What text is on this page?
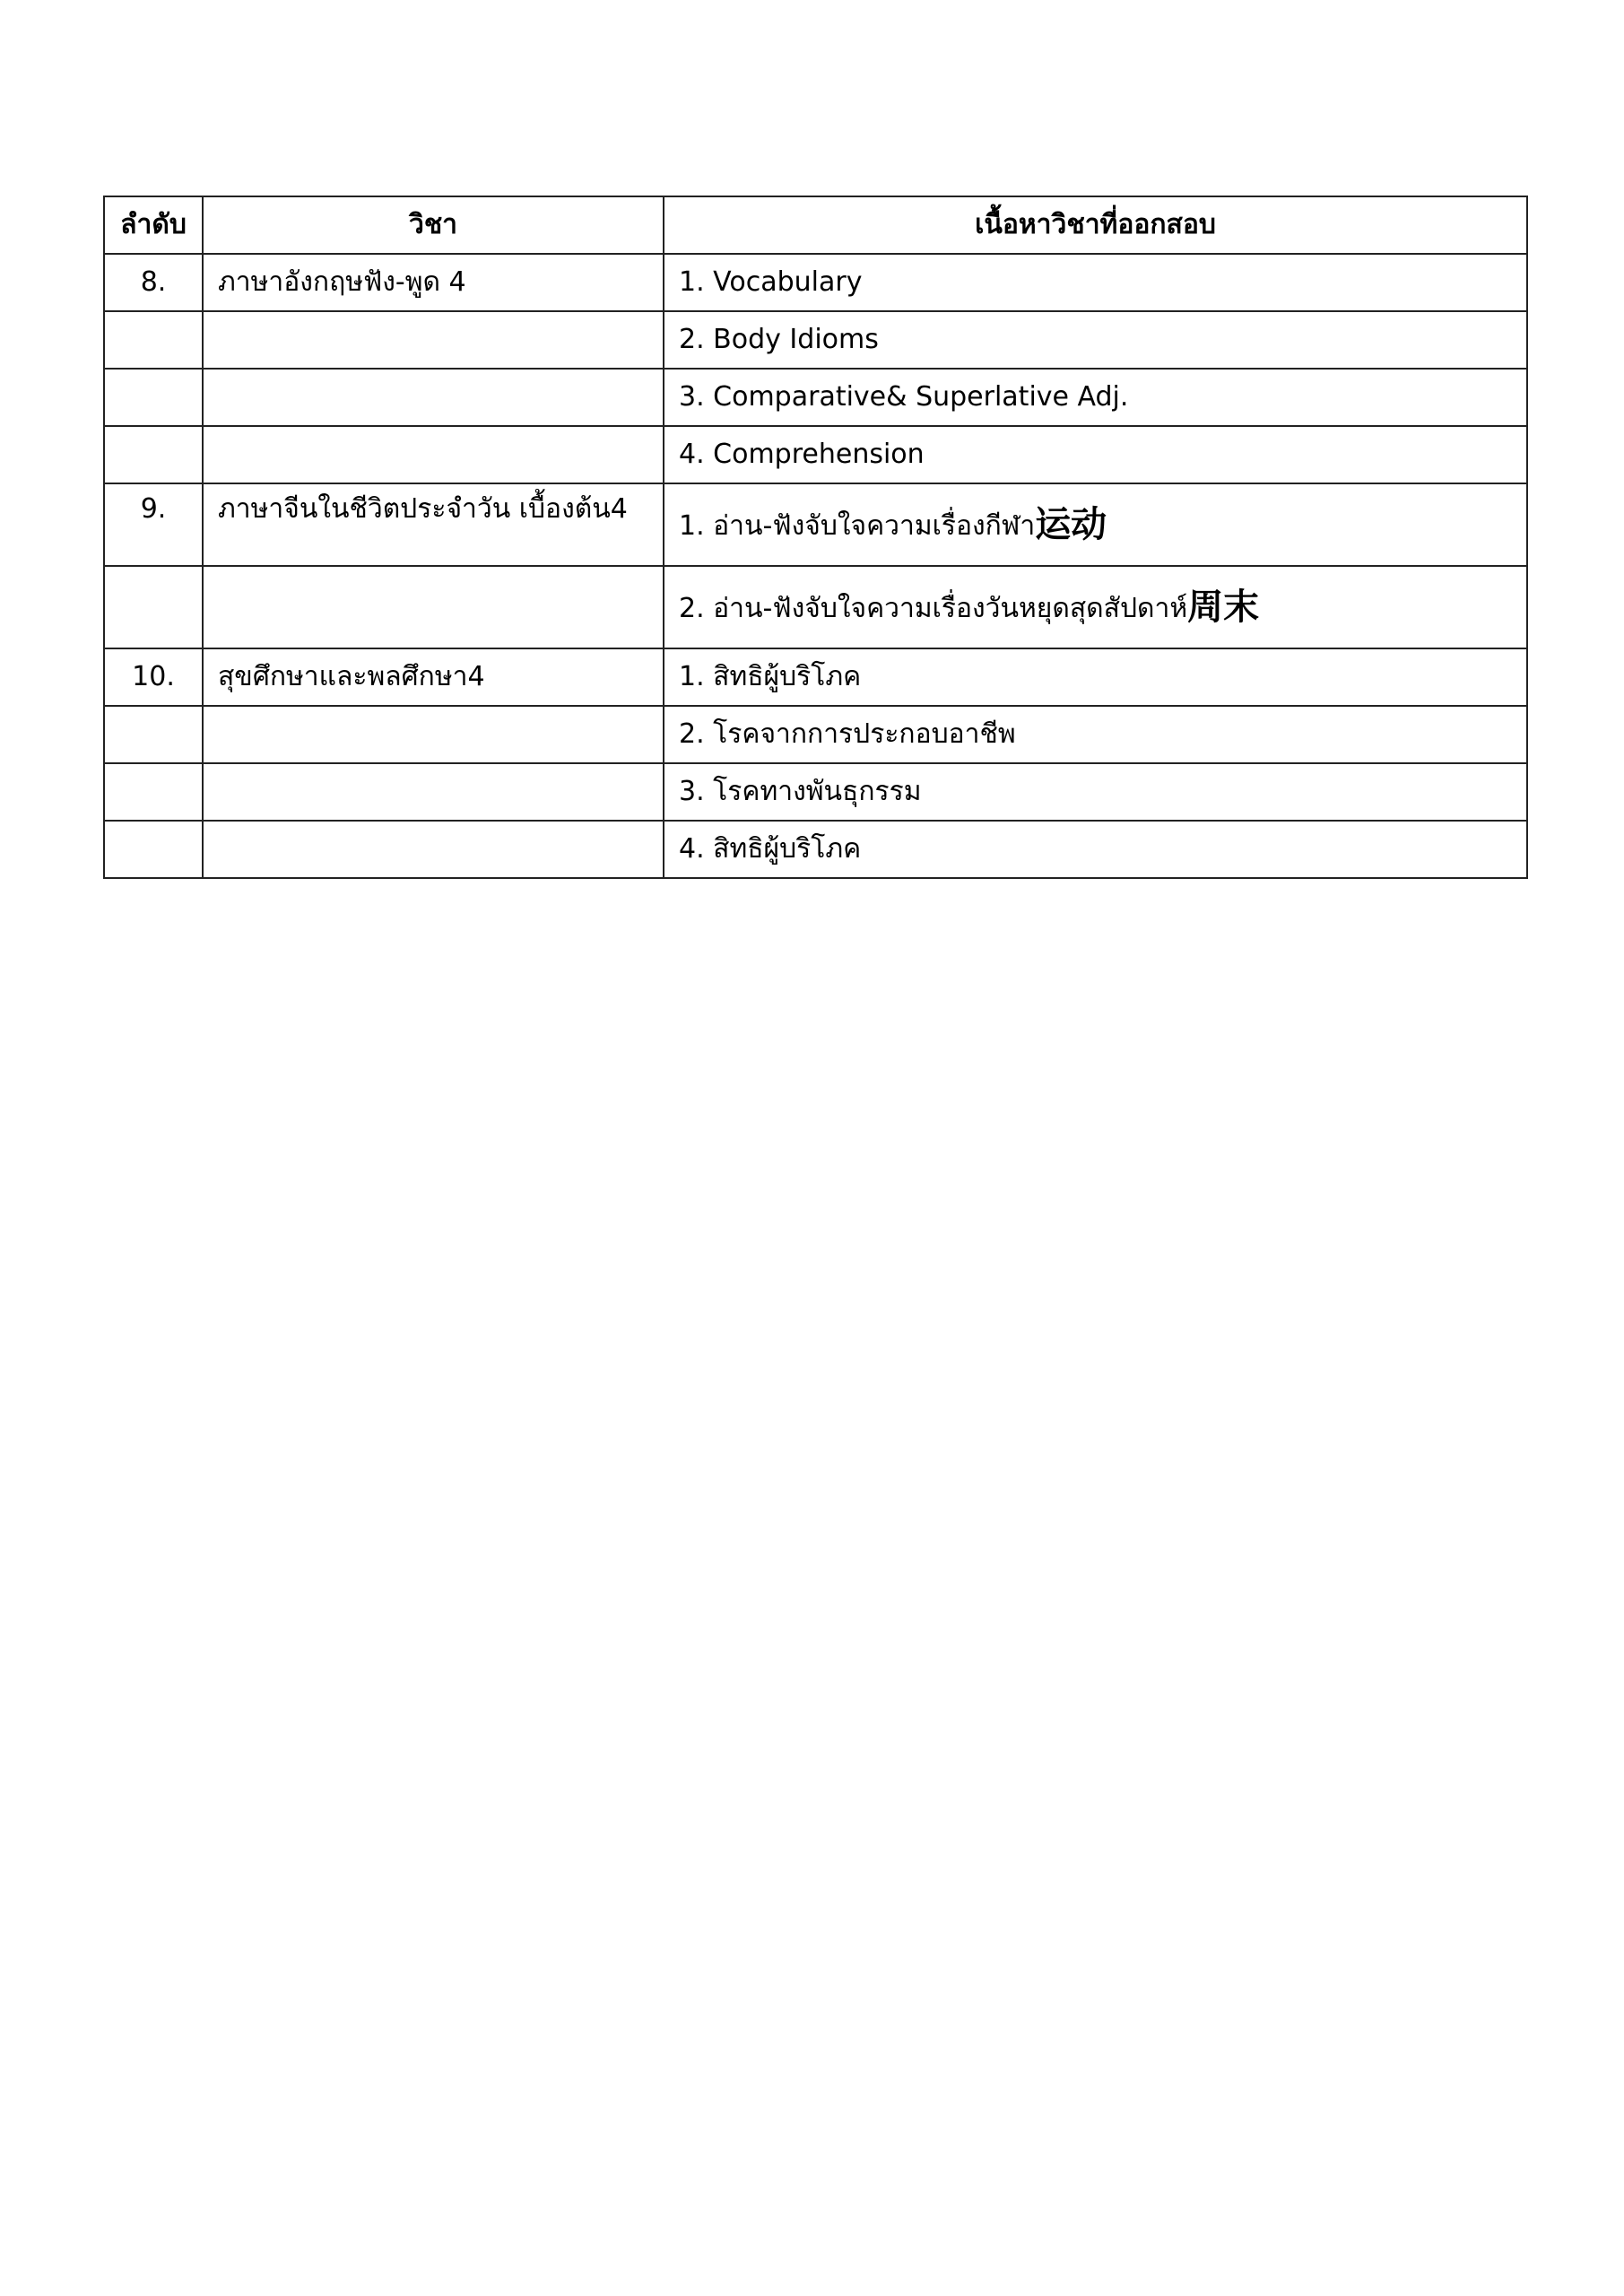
ลำดับ	วิชา	เนื้อหาวิชาที่ออกสอบ
8.	ภาษาอังกฤษฟัง-พูด 4	1. Vocabulary
		2. Body Idioms
		3. Comparative& Superlative Adj.
		4. Comprehension
9.	ภาษาจีนในชีวิตประจำวัน เบื้องต้น4	1. อ่าน-ฟังจับใจความเรื่องกีฬา运动
		2. อ่าน-ฟังจับใจความเรื่องวันหยุดสุดสัปดาห์周末
10.	สุขศึกษาและพลศึกษา4	1. สิทธิผู้บริโภค
		2. โรคจากการประกอบอาชีพ
		3. โรคทางพันธุกรรม
		4. สิทธิผู้บริโภค
